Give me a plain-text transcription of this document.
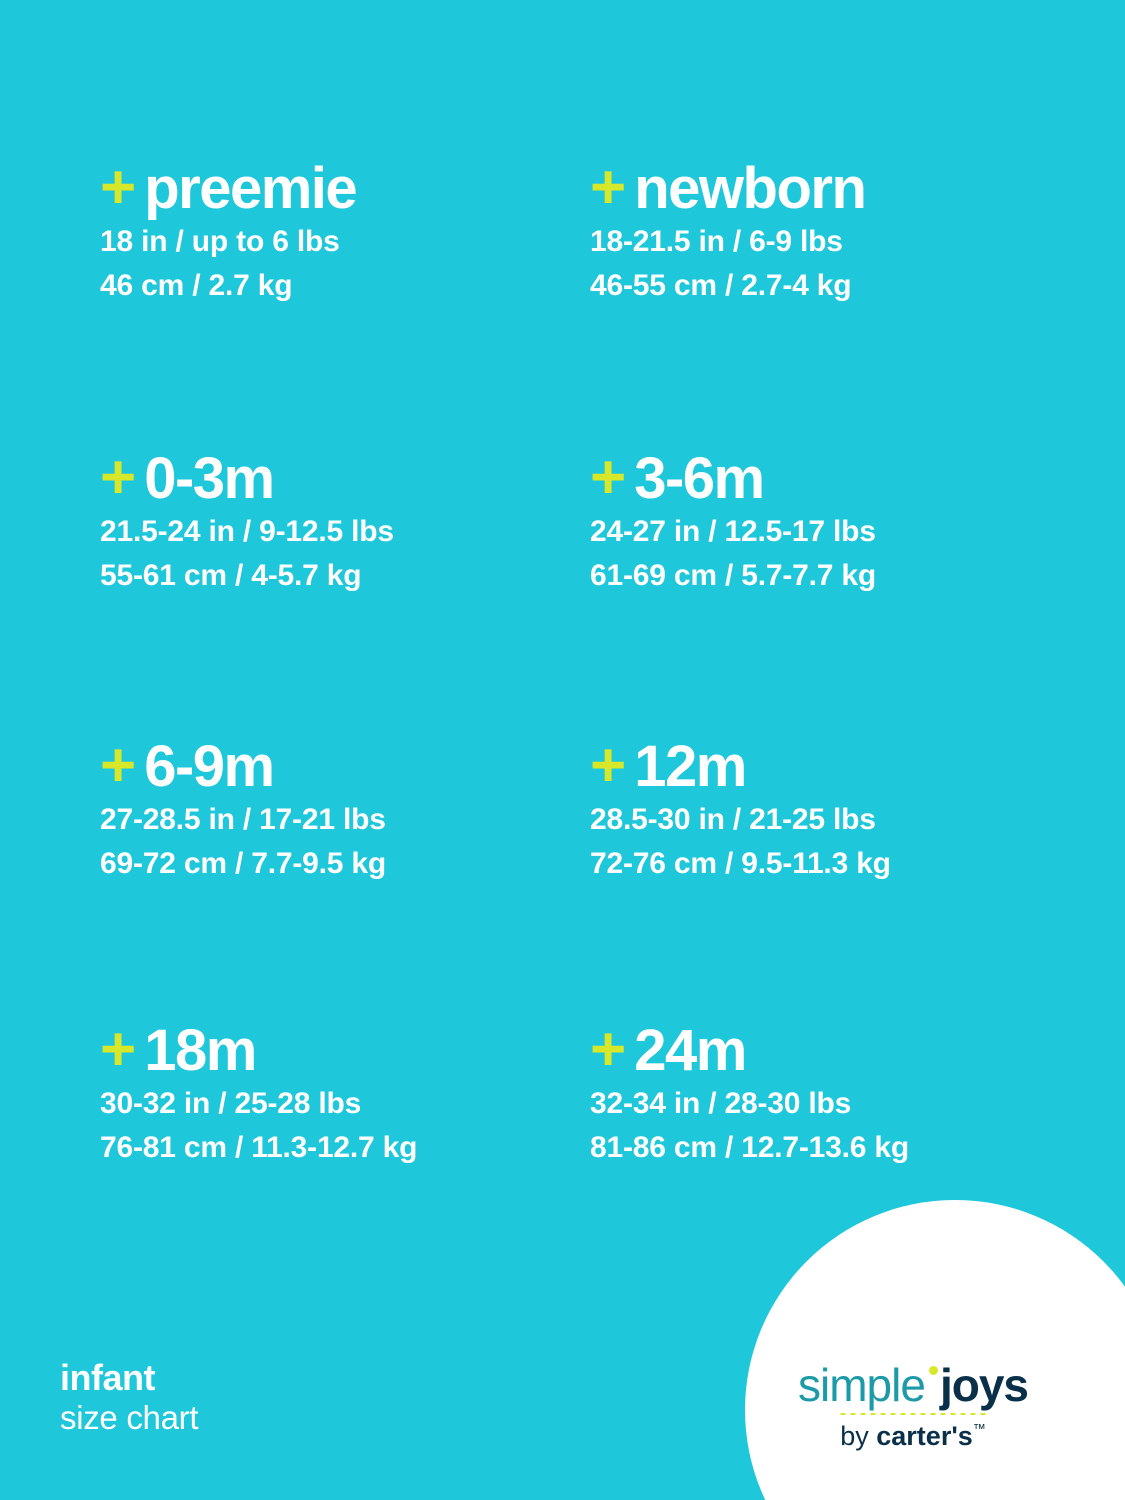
+ preemie
18 in / up to 6 lbs
46 cm / 2.7 kg
+ newborn
18-21.5 in / 6-9 lbs
46-55 cm / 2.7-4 kg
+ 0-3m
21.5-24 in / 9-12.5 lbs
55-61 cm / 4-5.7 kg
+ 3-6m
24-27 in / 12.5-17 lbs
61-69 cm / 5.7-7.7 kg
+ 6-9m
27-28.5 in / 17-21 lbs
69-72 cm / 7.7-9.5 kg
+ 12m
28.5-30 in / 21-25 lbs
72-76 cm / 9.5-11.3 kg
+ 18m
30-32 in / 25-28 lbs
76-81 cm / 11.3-12.7 kg
+ 24m
32-34 in / 28-30 lbs
81-86 cm / 12.7-13.6 kg
infant
size chart
simple joys
by carter's™
